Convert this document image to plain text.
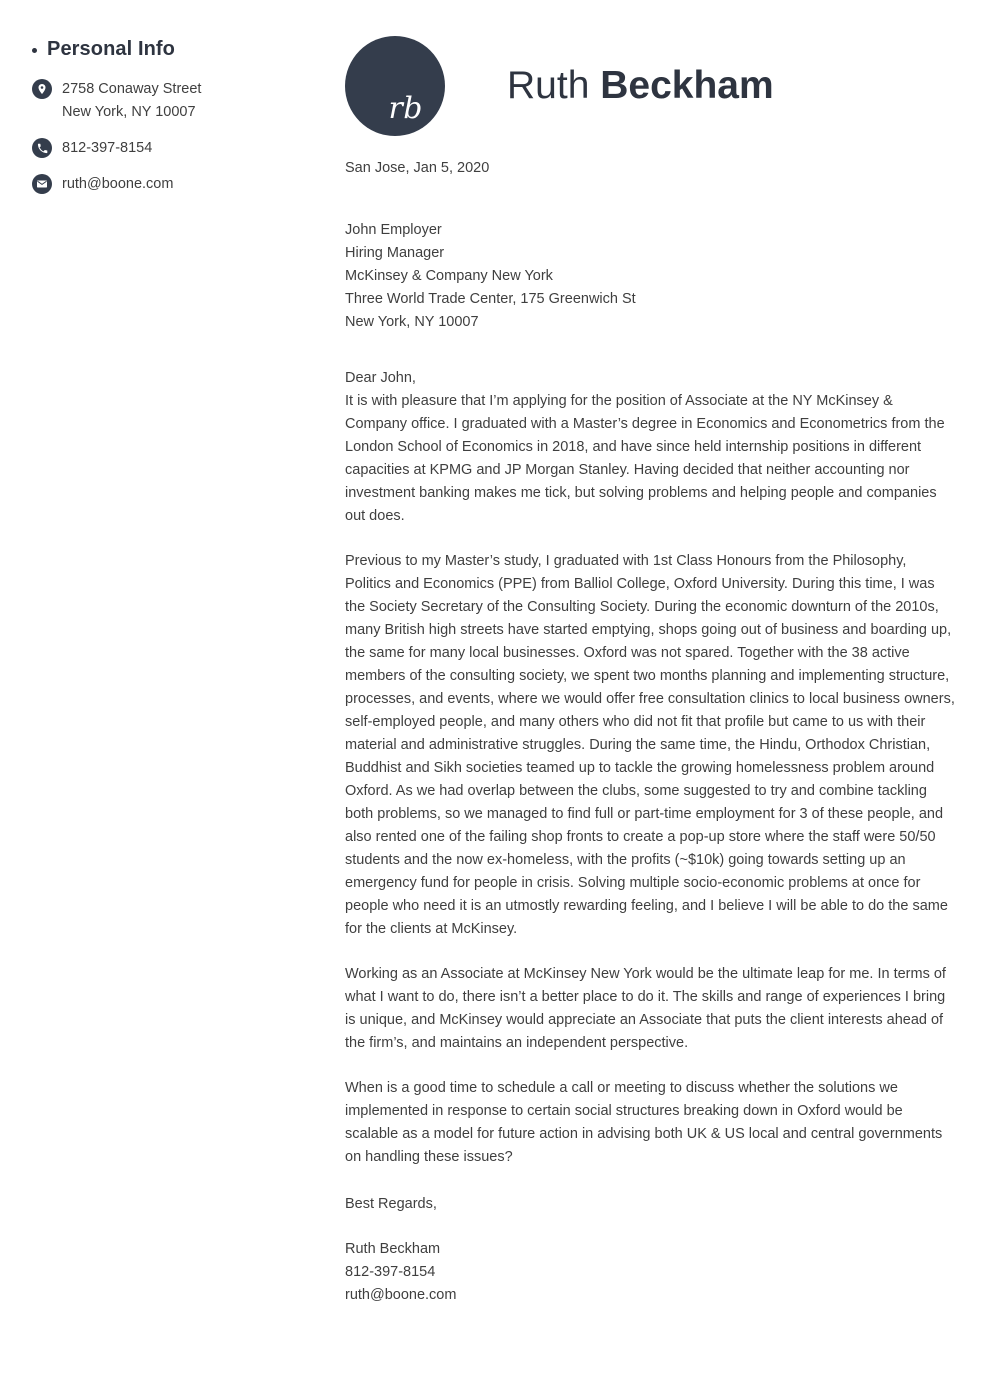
Personal Info
2758 Conaway Street
New York, NY 10007
812-397-8154
ruth@boone.com
rb
Ruth Beckham
San Jose, Jan 5, 2020
John Employer
Hiring Manager
McKinsey & Company New York
Three World Trade Center, 175 Greenwich St
New York, NY 10007
Dear John,

It is with pleasure that I’m applying for the position of Associate at the NY McKinsey & Company office. I graduated with a Master’s degree in Economics and Econometrics from the London School of Economics in 2018, and have since held internship positions in different capacities at KPMG and JP Morgan Stanley. Having decided that neither accounting nor investment banking makes me tick, but solving problems and helping people and companies out does.

Previous to my Master’s study, I graduated with 1st Class Honours from the Philosophy, Politics and Economics (PPE) from Balliol College, Oxford University. During this time, I was the Society Secretary of the Consulting Society. During the economic downturn of the 2010s, many British high streets have started emptying, shops going out of business and boarding up, the same for many local businesses. Oxford was not spared. Together with the 38 active members of the consulting society, we spent two months planning and implementing structure, processes, and events, where we would offer free consultation clinics to local business owners, self-employed people, and many others who did not fit that profile but came to us with their material and administrative struggles. During the same time, the Hindu, Orthodox Christian, Buddhist and Sikh societies teamed up to tackle the growing homelessness problem around Oxford. As we had overlap between the clubs, some suggested to try and combine tackling both problems, so we managed to find full or part-time employment for 3 of these people, and also rented one of the failing shop fronts to create a pop-up store where the staff were 50/50 students and the now ex-homeless, with the profits (~$10k) going towards setting up an emergency fund for people in crisis. Solving multiple socio-economic problems at once for people who need it is an utmostly rewarding feeling, and I believe I will be able to do the same for the clients at McKinsey.

Working as an Associate at McKinsey New York would be the ultimate leap for me. In terms of what I want to do, there isn’t a better place to do it. The skills and range of experiences I bring is unique, and McKinsey would appreciate an Associate that puts the client interests ahead of the firm’s, and maintains an independent perspective.

When is a good time to schedule a call or meeting to discuss whether the solutions we implemented in response to certain social structures breaking down in Oxford would be scalable as a model for future action in advising both UK & US local and central governments on handling these issues?

Best Regards,
Ruth Beckham
812-397-8154
ruth@boone.com
